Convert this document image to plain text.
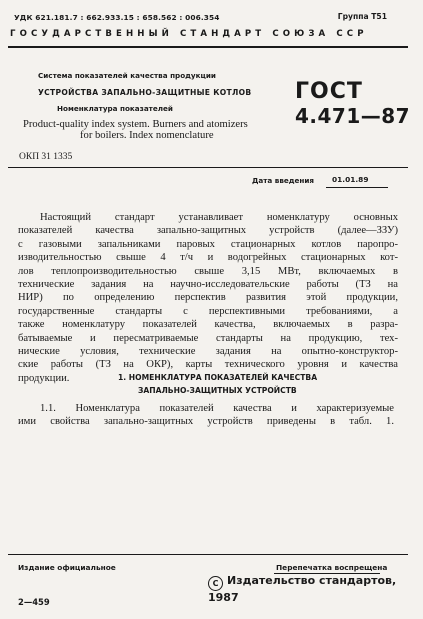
УДК 621.181.7 : 662.933.15 : 658.562 : 006.354	Группа Т51
ГОСУДАРСТВЕННЫЙ СТАНДАРТ СОЮЗА ССР
Система показателей качества продукции
УСТРОЙСТВА ЗАПАЛЬНО-ЗАЩИТНЫЕ КОТЛОВ
Номенклатура показателей
Product-quality index system. Burners and atomizers
for boilers. Index nomenclature
ГОСТ
4.471—87
ОКП 31 1335
Дата введения 01.01.89
Настоящий стандарт устанавливает номенклатуру основных
показателей качества запально-защитных устройств (далее—ЗЗУ)
с газовыми запальниками паровых стационарных котлов паропро-
изводительностью свыше 4 т/ч и водогрейных стационарных кот-
лов теплопроизводительностью свыше 3,15 МВт, включаемых в
технические задания на научно-исследовательские работы (ТЗ на
НИР) по определению перспектив развития этой продукции,
государственные стандарты с перспективными требованиями, а
также номенклатуру показателей качества, включаемых в разра-
батываемые и пересматриваемые стандарты на продукцию, тех-
нические условия, технические задания на опытно-конструктор-
ские работы (ТЗ на ОКР), карты технического уровня и качества
продукции.	1. НОМЕНКЛАТУРА ПОКАЗАТЕЛЕЙ КАЧЕСТВА
ЗАПАЛЬНО-ЗАЩИТНЫХ УСТРОЙСТВ
1.1. Номенклатура показателей качества и характеризуемые
ими свойства запально-защитных устройств приведены в табл. 1.
Издание официальное	Перепечатка воспрещена
С Издательство стандартов, 1987
2—459
